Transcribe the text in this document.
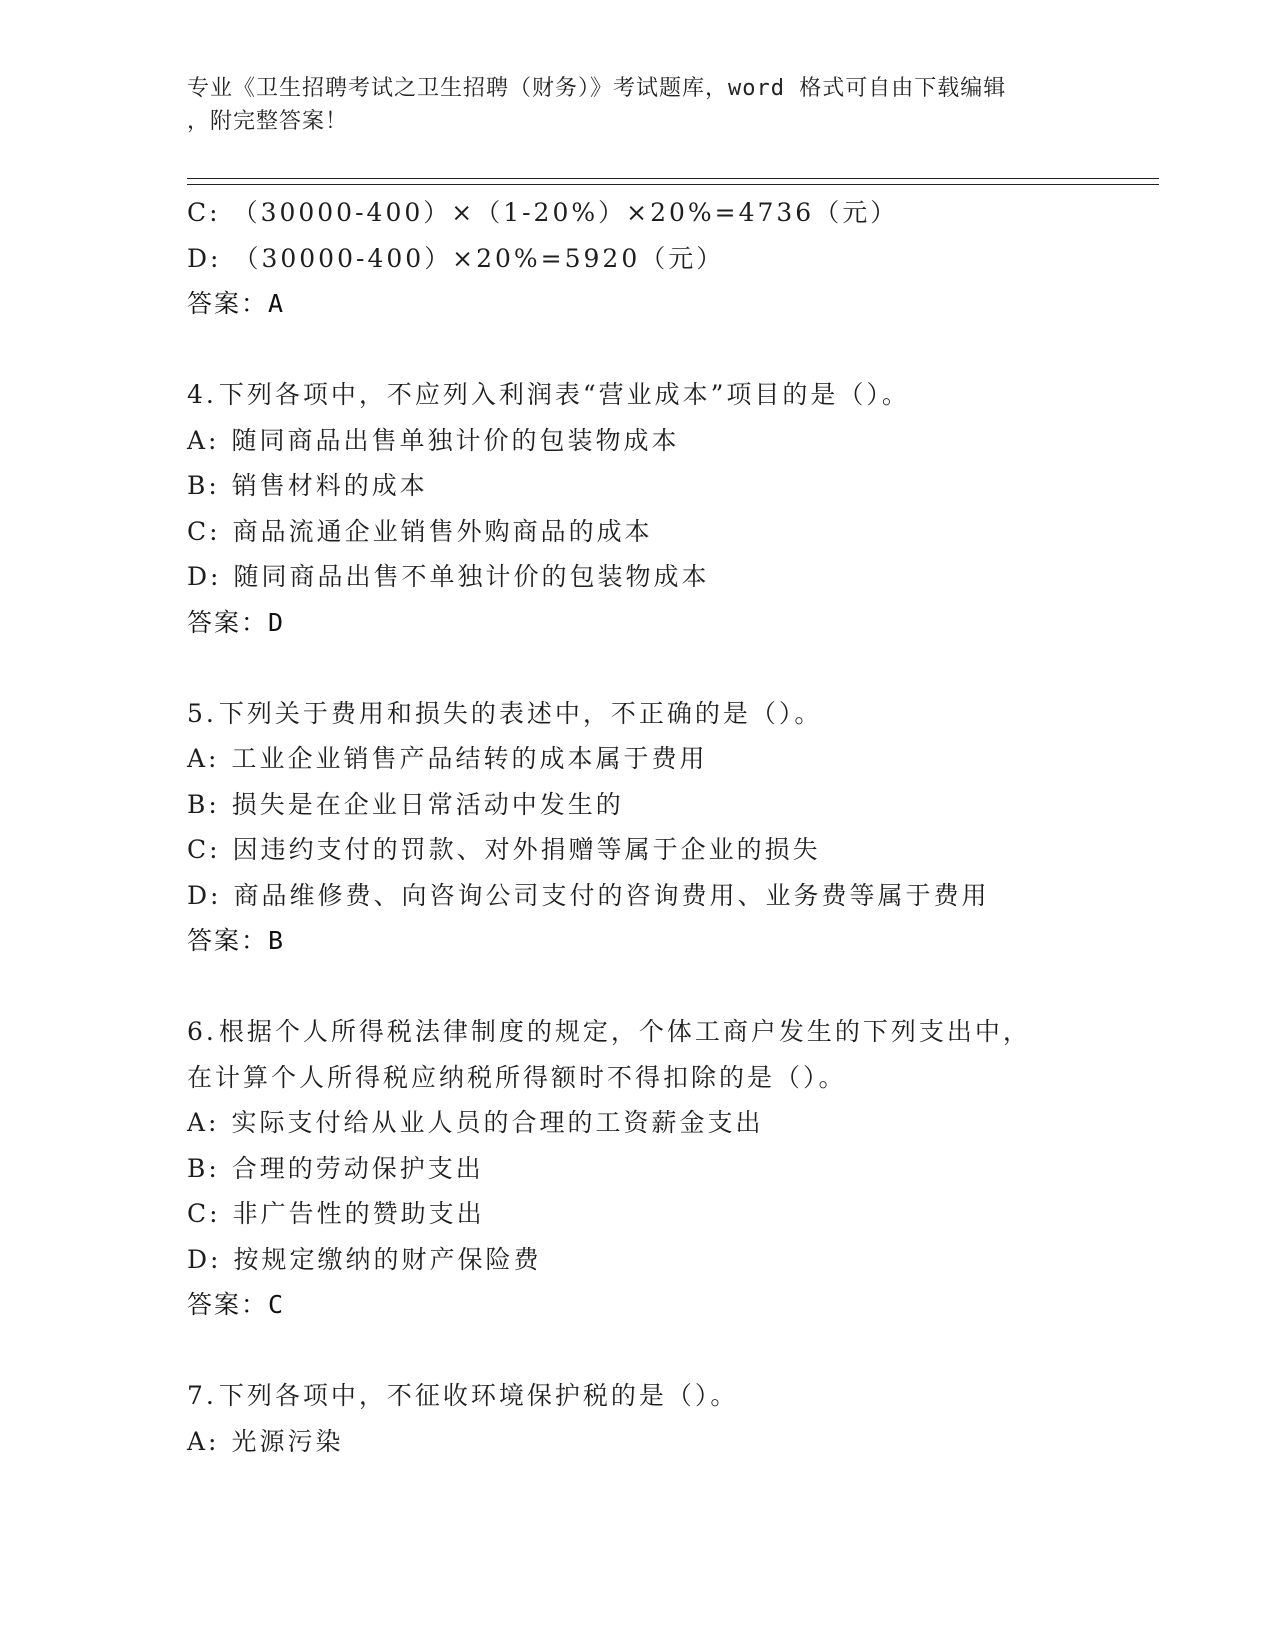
专业《卫生招聘考试之卫生招聘（财务）》考试题库，word 格式可自由下载编辑
，附完整答案！
C: （30000-400）×（1-20%）×20%=4736（元）
D: （30000-400）×20%=5920（元）
答案：A
4.下列各项中，不应列入利润表“营业成本”项目的是（）。
A: 随同商品出售单独计价的包装物成本
B: 销售材料的成本
C: 商品流通企业销售外购商品的成本
D: 随同商品出售不单独计价的包装物成本
答案：D
5.下列关于费用和损失的表述中，不正确的是（）。
A: 工业企业销售产品结转的成本属于费用
B: 损失是在企业日常活动中发生的
C: 因违约支付的罚款、对外捐赠等属于企业的损失
D: 商品维修费、向咨询公司支付的咨询费用、业务费等属于费用
答案：B
6.根据个人所得税法律制度的规定，个体工商户发生的下列支出中，
在计算个人所得税应纳税所得额时不得扣除的是（）。
A: 实际支付给从业人员的合理的工资薪金支出
B: 合理的劳动保护支出
C: 非广告性的赞助支出
D: 按规定缴纳的财产保险费
答案：C
7.下列各项中，不征收环境保护税的是（）。
A: 光源污染
